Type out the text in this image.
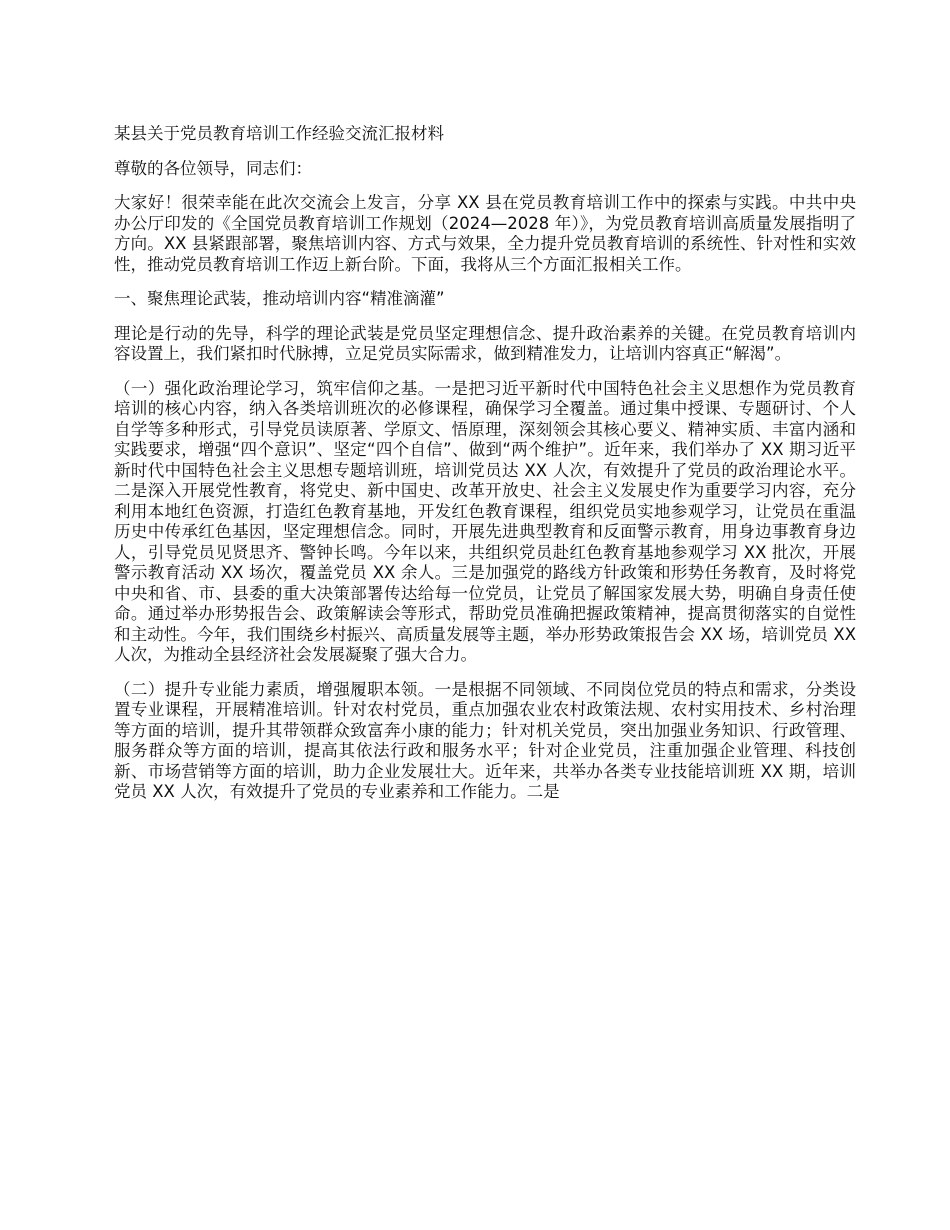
某县关于党员教育培训工作经验交流汇报材料

尊敬的各位领导，同志们：

大家好！很荣幸能在此次交流会上发言，分享 XX 县在党员教育培训工作中的探索与实践。中共中央办公厅印发的《全国党员教育培训工作规划（2024—2028 年）》，为党员教育培训高质量发展指明了方向。XX 县紧跟部署，聚焦培训内容、方式与效果，全力提升党员教育培训的系统性、针对性和实效性，推动党员教育培训工作迈上新台阶。下面，我将从三个方面汇报相关工作。

一、聚焦理论武装，推动培训内容“精准滴灌”

理论是行动的先导，科学的理论武装是党员坚定理想信念、提升政治素养的关键。在党员教育培训内容设置上，我们紧扣时代脉搏，立足党员实际需求，做到精准发力，让培训内容真正“解渴”。

（一）强化政治理论学习，筑牢信仰之基。一是把习近平新时代中国特色社会主义思想作为党员教育培训的核心内容，纳入各类培训班次的必修课程，确保学习全覆盖。通过集中授课、专题研讨、个人自学等多种形式，引导党员读原著、学原文、悟原理，深刻领会其核心要义、精神实质、丰富内涵和实践要求，增强“四个意识”、坚定“四个自信”、做到“两个维护”。近年来，我们举办了 XX 期习近平新时代中国特色社会主义思想专题培训班，培训党员达 XX 人次，有效提升了党员的政治理论水平。二是深入开展党性教育，将党史、新中国史、改革开放史、社会主义发展史作为重要学习内容，充分利用本地红色资源，打造红色教育基地，开发红色教育课程，组织党员实地参观学习，让党员在重温历史中传承红色基因，坚定理想信念。同时，开展先进典型教育和反面警示教育，用身边事教育身边人，引导党员见贤思齐、警钟长鸣。今年以来，共组织党员赴红色教育基地参观学习 XX 批次，开展警示教育活动 XX 场次，覆盖党员 XX 余人。三是加强党的路线方针政策和形势任务教育，及时将党中央和省、市、县委的重大决策部署传达给每一位党员，让党员了解国家发展大势，明确自身责任使命。通过举办形势报告会、政策解读会等形式，帮助党员准确把握政策精神，提高贯彻落实的自觉性和主动性。今年，我们围绕乡村振兴、高质量发展等主题，举办形势政策报告会 XX 场，培训党员 XX 人次，为推动全县经济社会发展凝聚了强大合力。

（二）提升专业能力素质，增强履职本领。一是根据不同领域、不同岗位党员的特点和需求，分类设置专业课程，开展精准培训。针对农村党员，重点加强农业农村政策法规、农村实用技术、乡村治理等方面的培训，提升其带领群众致富奔小康的能力；针对机关党员，突出加强业务知识、行政管理、服务群众等方面的培训，提高其依法行政和服务水平；针对企业党员，注重加强企业管理、科技创新、市场营销等方面的培训，助力企业发展壮大。近年来，共举办各类专业技能培训班 XX 期，培训党员 XX 人次，有效提升了党员的专业素养和工作能力。二是
